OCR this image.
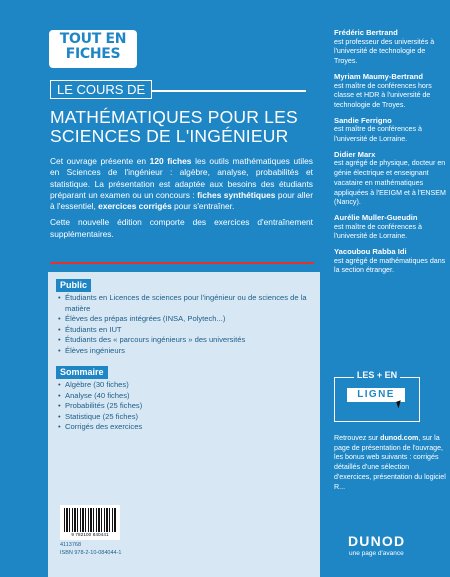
TOUT EN
FICHES
LE COURS DE
MATHÉMATIQUES POUR LES SCIENCES DE L'INGÉNIEUR

Cet ouvrage présente en 120 fiches les outils mathématiques utiles en Sciences de l'ingénieur : algèbre, analyse, probabilités et statistique. La présentation est adaptée aux besoins des étudiants préparant un examen ou un concours : fiches synthétiques pour aller à l'essentiel, exercices corrigés pour s'entraîner.

Cette nouvelle édition comporte des exercices d'entraînement supplémentaires.

Public
• Étudiants en Licences de sciences pour l'ingénieur ou de sciences de la matière
• Élèves des prépas intégrées (INSA, Polytech...)
• Étudiants en IUT
• Étudiants des « parcours ingénieurs » des universités
• Élèves ingénieurs
Sommaire
• Algèbre (30 fiches)
• Analyse (40 fiches)
• Probabilités (25 fiches)
• Statistique (25 fiches)
• Corrigés des exercices
9 782100 840441
4113768
ISBN 978-2-10-084044-1
Frédéric Bertrand
est professeur des universités à l'université de technologie de Troyes.
Myriam Maumy-Bertrand
est maître de conférences hors classe et HDR à l'université de technologie de Troyes.
Sandie Ferrigno
est maître de conférences à l'université de Lorraine.
Didier Marx
est agrégé de physique, docteur en génie électrique et enseignant vacataire en mathématiques appliquées à l'EEIGM et à l'ENSEM (Nancy).
Aurélie Muller-Gueudin
est maître de conférences à l'université de Lorraine.
Yacoubou Rabba Idi
est agrégé de mathématiques dans la section étranger.
LES + EN
LIGNE
Retrouvez sur dunod.com, sur la page de présentation de l'ouvrage, les bonus web suivants : corrigés détaillés d'une sélection d'exercices, présentation du logiciel R...
DUNOD
une page d'avance
